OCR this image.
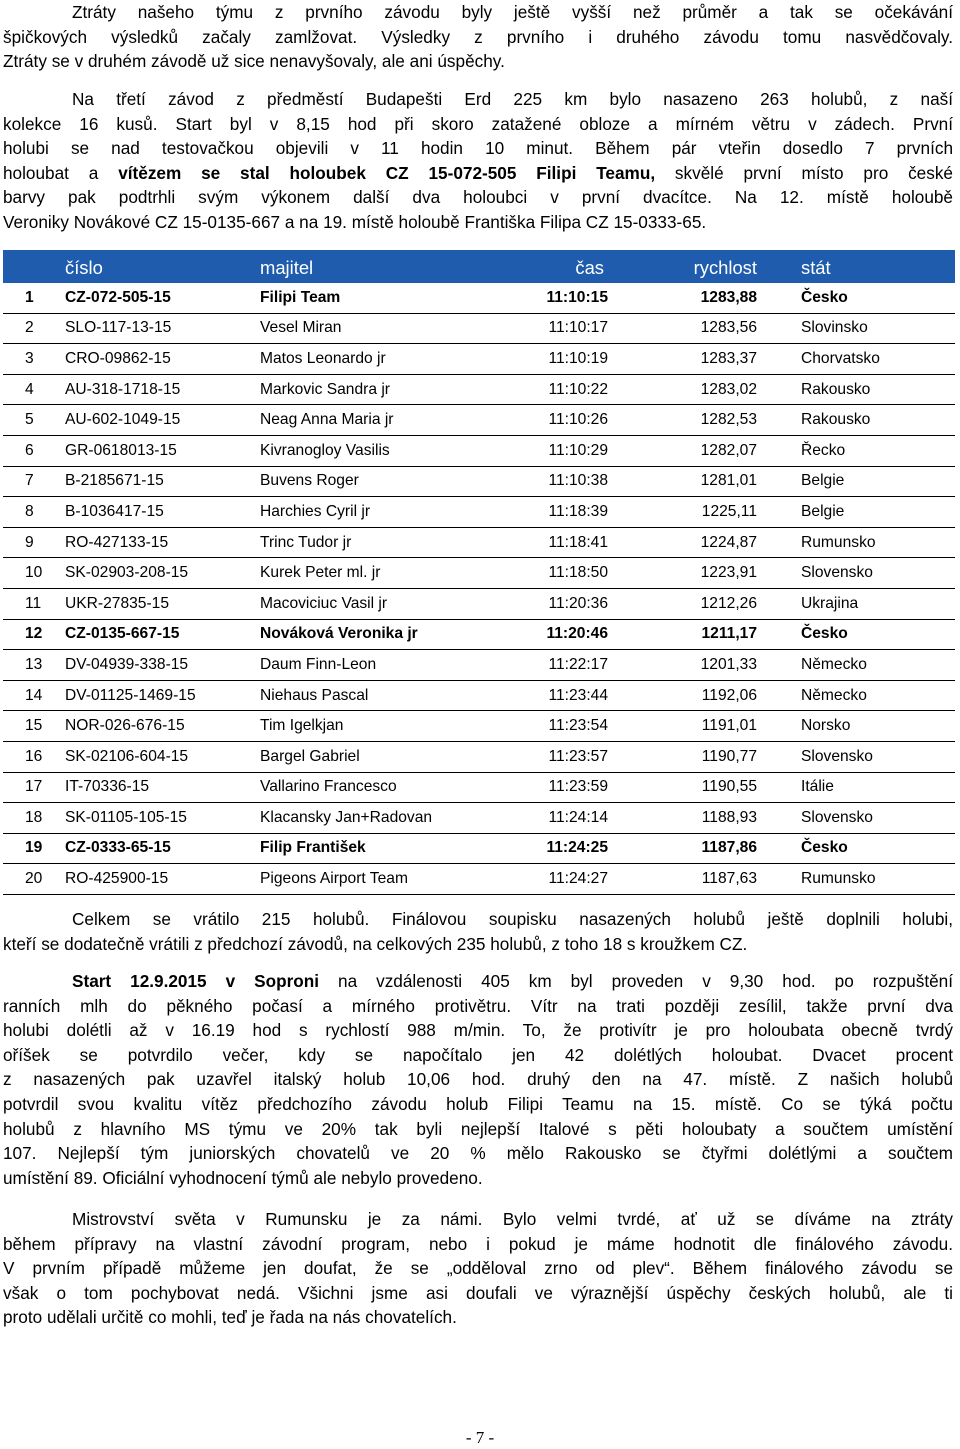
Ztráty našeho týmu z prvního závodu byly ještě vyšší než průměr a tak se očekávání
špičkových výsledků začaly zamlžovat. Výsledky z prvního i druhého závodu tomu nasvědčovaly.
Ztráty se v druhém závodě už sice nenavyšovaly, ale ani úspěchy.
Na třetí závod z předměstí Budapešti Erd 225 km bylo nasazeno 263 holubů, z naší
kolekce 16 kusů. Start byl v 8,15 hod při skoro zatažené obloze a mírném větru v zádech. První
holubi se nad testovačkou objevili v 11 hodin 10 minut. Během pár vteřin dosedlo 7 prvních
holoubat a vítězem se stal holoubek CZ 15-072-505 Filipi Teamu, skvělé první místo pro české
barvy pak podtrhli svým výkonem další dva holoubci v první dvacítce. Na 12. místě holoubě
Veroniky Novákové CZ 15-0135-667 a na 19. místě holoubě Františka Filipa CZ 15-0333-65.
	číslo	majitel	čas	rychlost	stát
1	CZ-072-505-15	Filipi Team	11:10:15	1283,88	Česko
2	SLO-117-13-15	Vesel Miran	11:10:17	1283,56	Slovinsko
3	CRO-09862-15	Matos Leonardo jr	11:10:19	1283,37	Chorvatsko
4	AU-318-1718-15	Markovic Sandra jr	11:10:22	1283,02	Rakousko
5	AU-602-1049-15	Neag Anna Maria jr	11:10:26	1282,53	Rakousko
6	GR-0618013-15	Kivranogloy Vasilis	11:10:29	1282,07	Řecko
7	B-2185671-15	Buvens Roger	11:10:38	1281,01	Belgie
8	B-1036417-15	Harchies Cyril jr	11:18:39	1225,11	Belgie
9	RO-427133-15	Trinc Tudor jr	11:18:41	1224,87	Rumunsko
10	SK-02903-208-15	Kurek Peter ml. jr	11:18:50	1223,91	Slovensko
11	UKR-27835-15	Macoviciuc Vasil jr	11:20:36	1212,26	Ukrajina
12	CZ-0135-667-15	Nováková Veronika jr	11:20:46	1211,17	Česko
13	DV-04939-338-15	Daum Finn-Leon	11:22:17	1201,33	Německo
14	DV-01125-1469-15	Niehaus Pascal	11:23:44	1192,06	Německo
15	NOR-026-676-15	Tim Igelkjan	11:23:54	1191,01	Norsko
16	SK-02106-604-15	Bargel Gabriel	11:23:57	1190,77	Slovensko
17	IT-70336-15	Vallarino Francesco	11:23:59	1190,55	Itálie
18	SK-01105-105-15	Klacansky Jan+Radovan	11:24:14	1188,93	Slovensko
19	CZ-0333-65-15	Filip František	11:24:25	1187,86	Česko
20	RO-425900-15	Pigeons Airport Team	11:24:27	1187,63	Rumunsko
Celkem se vrátilo 215 holubů. Finálovou soupisku nasazených holubů ještě doplnili holubi,
kteří se dodatečně vrátili z předchozí závodů, na celkových 235 holubů, z toho 18 s kroužkem CZ.
Start 12.9.2015 v Soproni na vzdálenosti 405 km byl proveden v 9,30 hod. po rozpuštění
ranních mlh do pěkného počasí a mírného protivětru. Vítr na trati později zesílil, takže první dva
holubi dolétli až v 16.19 hod s rychlostí 988 m/min. To, že protivítr je pro holoubata obecně tvrdý
oříšek se potvrdilo večer, kdy se napočítalo jen 42 dolétlých holoubat. Dvacet procent
z nasazených pak uzavřel italský holub 10,06 hod. druhý den na 47. místě. Z našich holubů
potvrdil svou kvalitu vítěz předchozího závodu holub Filipi Teamu na 15. místě. Co se týká počtu
holubů z hlavního MS týmu ve 20% tak byli nejlepší Italové s pěti holoubaty a součtem umístění
107. Nejlepší tým juniorských chovatelů ve 20 % mělo Rakousko se čtyřmi dolétlými a součtem
umístění 89. Oficiální vyhodnocení týmů ale nebylo provedeno.
Mistrovství světa v Rumunsku je za námi. Bylo velmi tvrdé, ať už se díváme na ztráty
během přípravy na vlastní závodní program, nebo i pokud je máme hodnotit dle finálového závodu.
V prvním případě můžeme jen doufat, že se „odděloval zrno od plev“. Během finálového závodu se
však o tom pochybovat nedá. Všichni jsme asi doufali ve výraznější úspěchy českých holubů, ale ti
proto udělali určitě co mohli, teď je řada na nás chovatelích.
- 7 -
